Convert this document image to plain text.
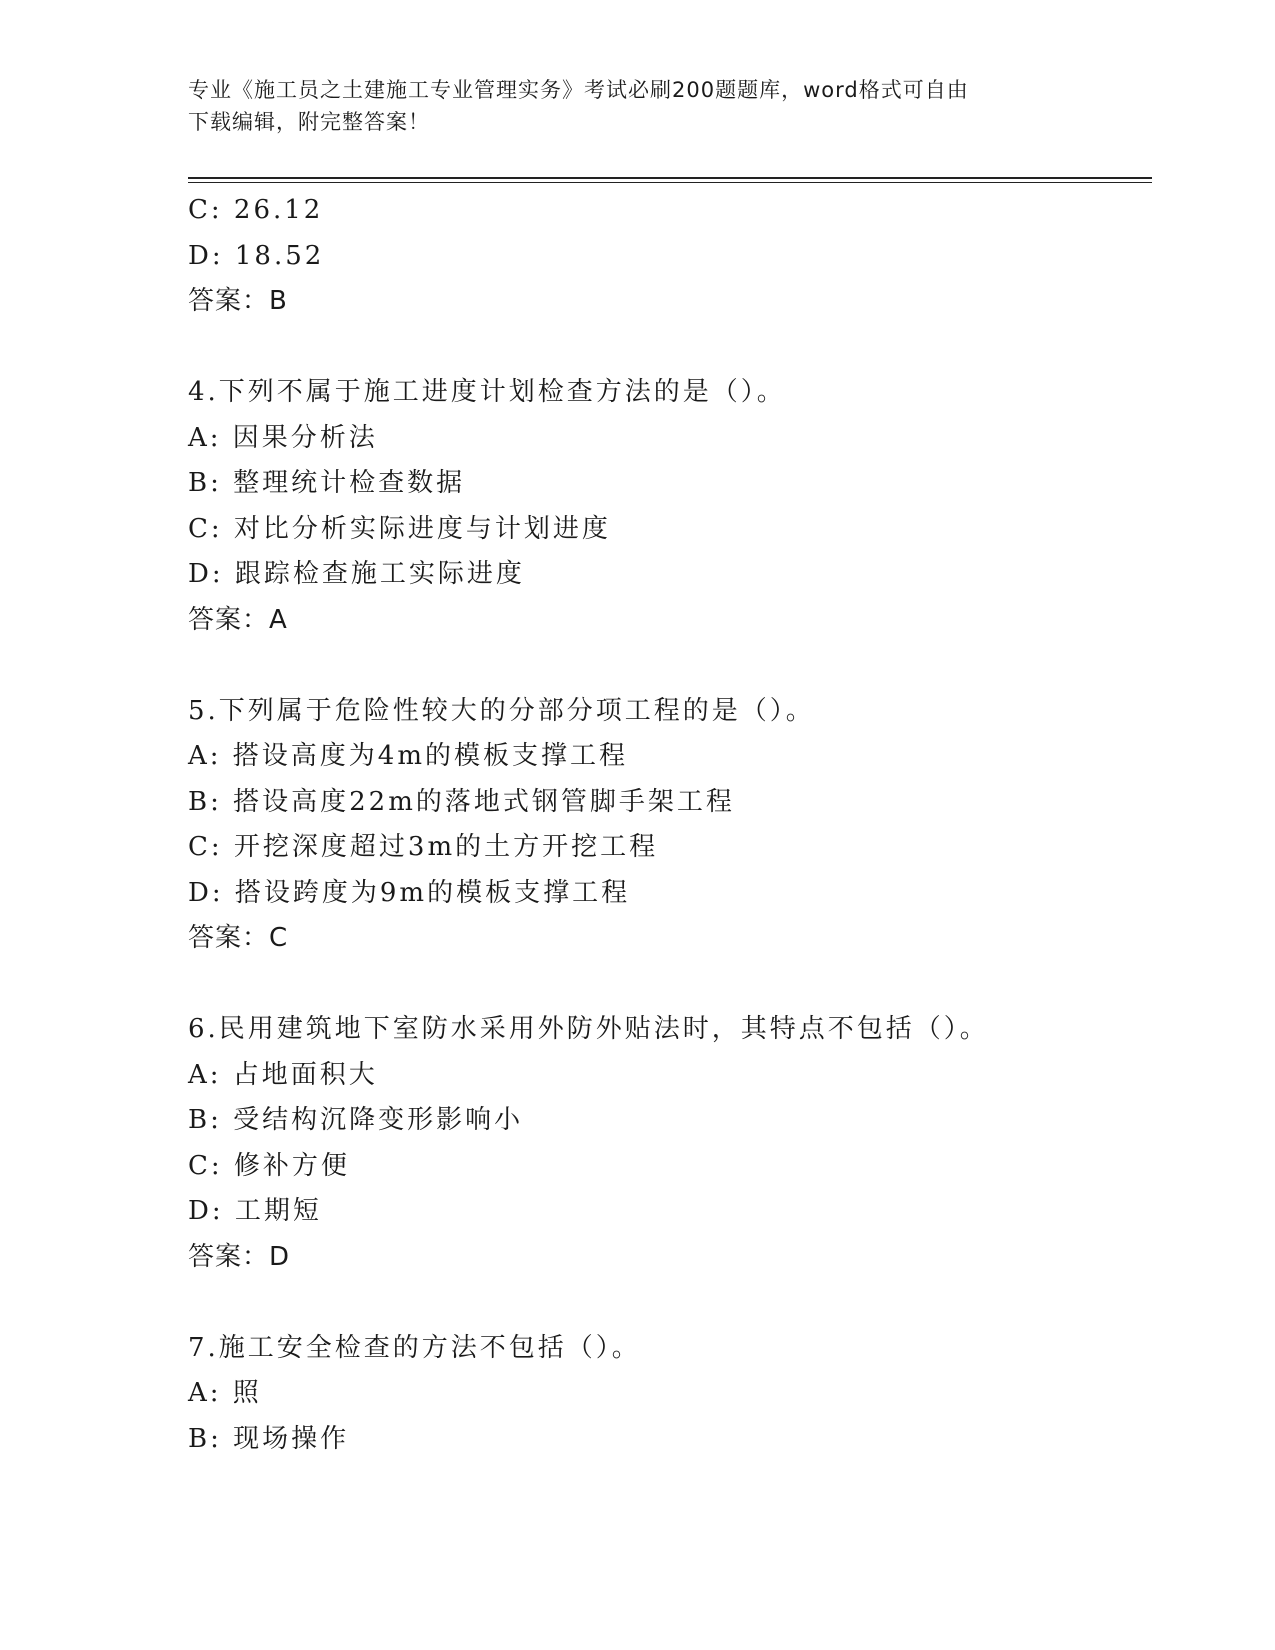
专业《施工员之土建施工专业管理实务》考试必刷200题题库，word格式可自由
下载编辑，附完整答案！
C: 26.12
D: 18.52
答案：B
4.下列不属于施工进度计划检查方法的是（）。
A: 因果分析法
B: 整理统计检查数据
C: 对比分析实际进度与计划进度
D: 跟踪检查施工实际进度
答案：A
5.下列属于危险性较大的分部分项工程的是（）。
A: 搭设高度为4m的模板支撑工程
B: 搭设高度22m的落地式钢管脚手架工程
C: 开挖深度超过3m的土方开挖工程
D: 搭设跨度为9m的模板支撑工程
答案：C
6.民用建筑地下室防水采用外防外贴法时，其特点不包括（）。
A: 占地面积大
B: 受结构沉降变形影响小
C: 修补方便
D: 工期短
答案：D
7.施工安全检查的方法不包括（）。
A: 照
B: 现场操作
